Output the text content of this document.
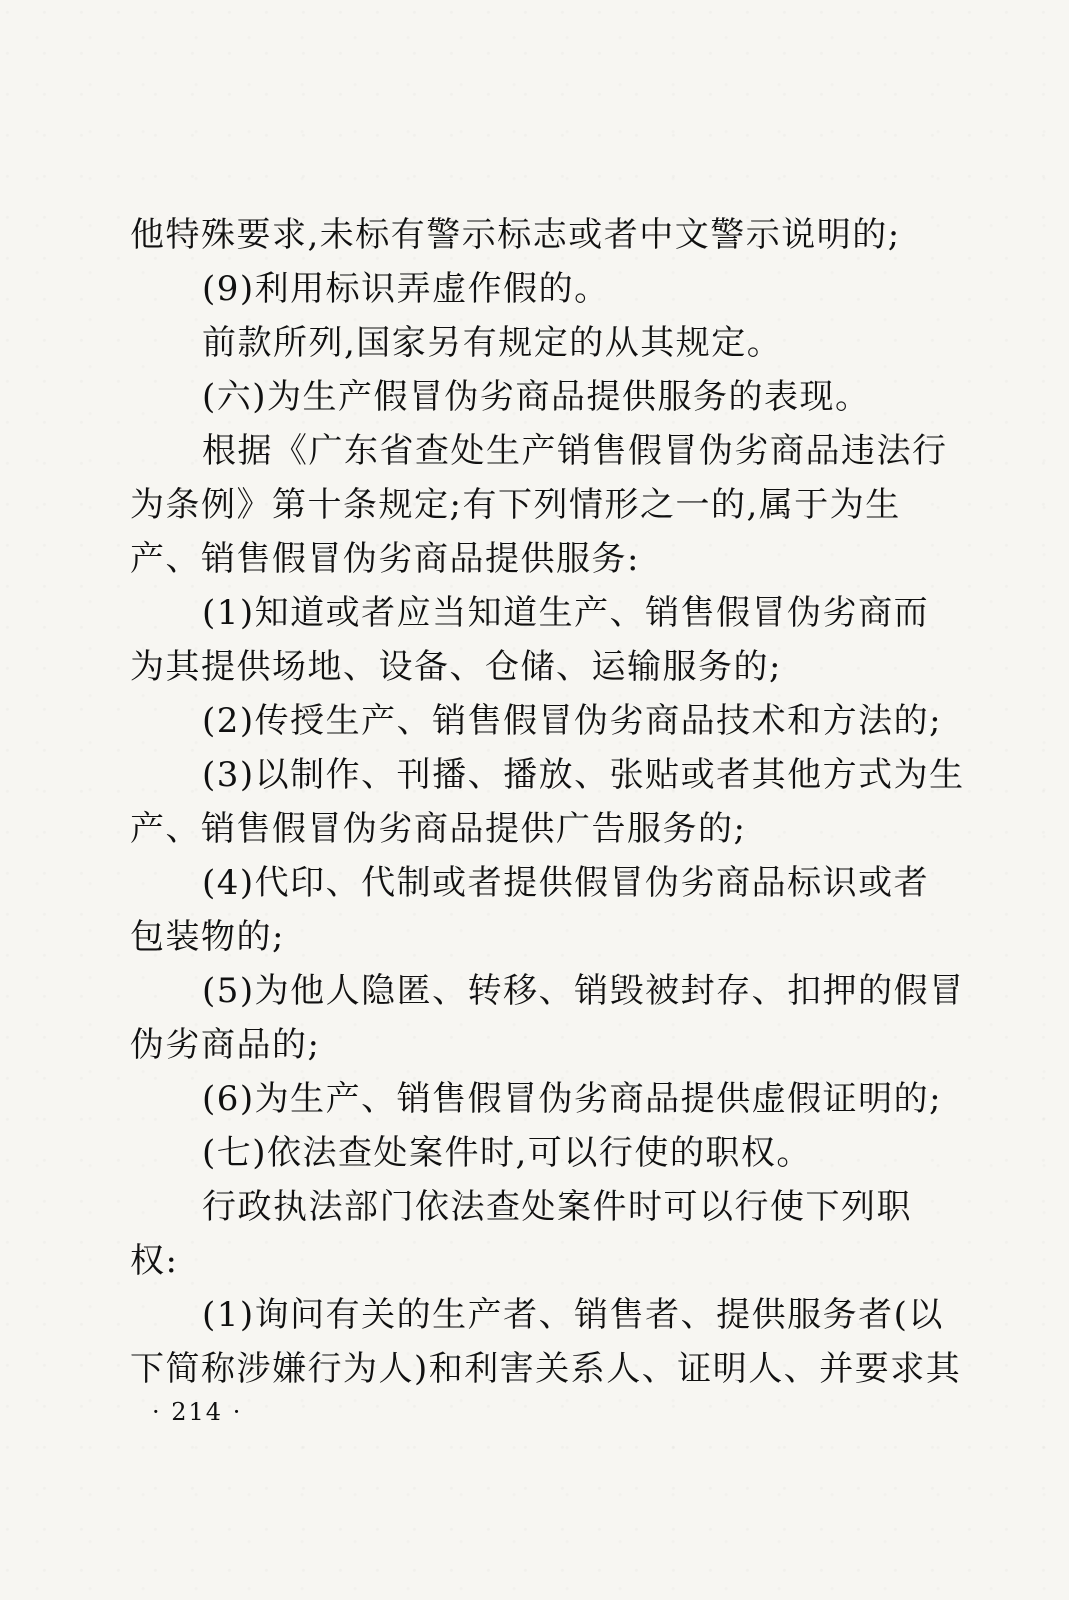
他特殊要求,未标有警示标志或者中文警示说明的;
(9)利用标识弄虚作假的。
前款所列,国家另有规定的从其规定。
(六)为生产假冒伪劣商品提供服务的表现。
根据《广东省查处生产销售假冒伪劣商品违法行
为条例》第十条规定;有下列情形之一的,属于为生
产、销售假冒伪劣商品提供服务:
(1)知道或者应当知道生产、销售假冒伪劣商而
为其提供场地、设备、仓储、运输服务的;
(2)传授生产、销售假冒伪劣商品技术和方法的;
(3)以制作、刊播、播放、张贴或者其他方式为生
产、销售假冒伪劣商品提供广告服务的;
(4)代印、代制或者提供假冒伪劣商品标识或者
包装物的;
(5)为他人隐匿、转移、销毁被封存、扣押的假冒
伪劣商品的;
(6)为生产、销售假冒伪劣商品提供虚假证明的;
(七)依法查处案件时,可以行使的职权。
行政执法部门依法查处案件时可以行使下列职
权:
(1)询问有关的生产者、销售者、提供服务者(以
下简称涉嫌行为人)和利害关系人、证明人、并要求其
· 214 ·
